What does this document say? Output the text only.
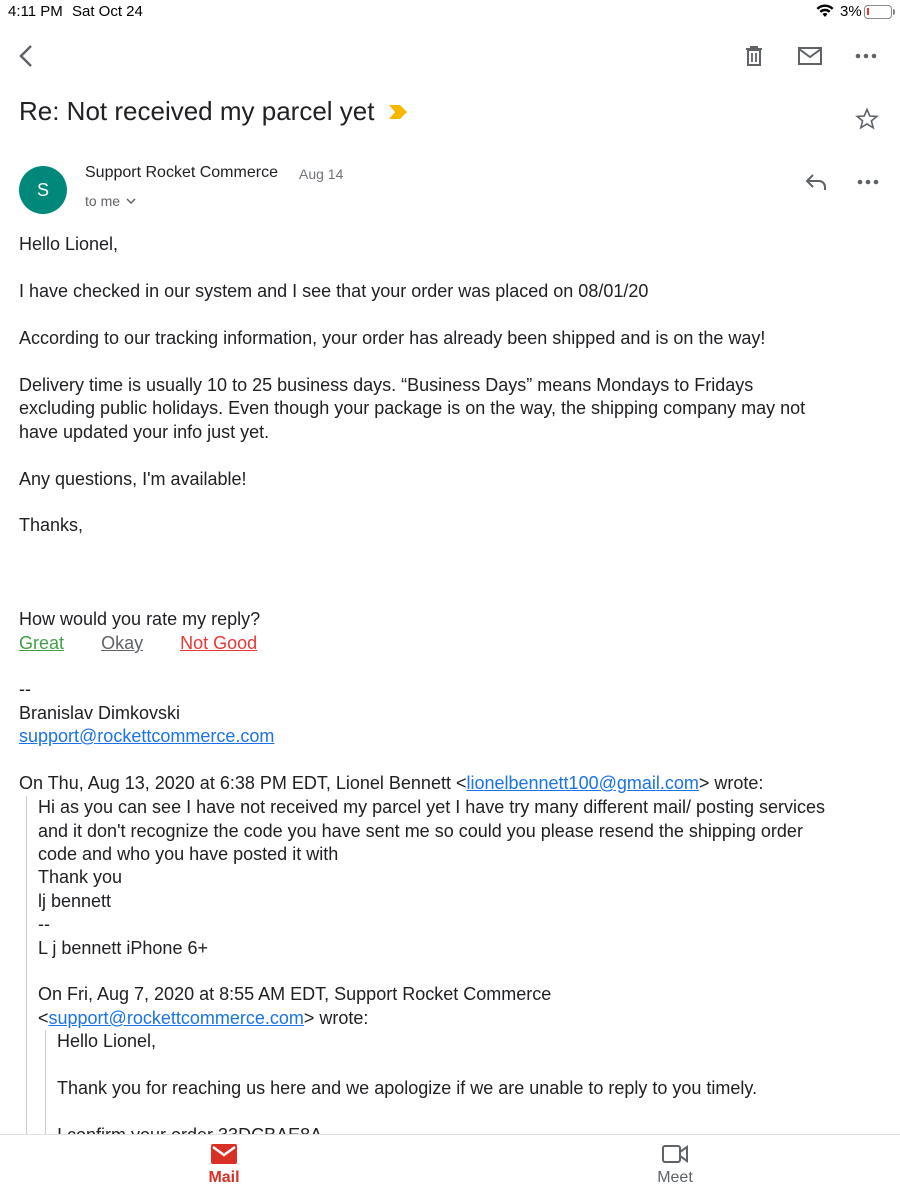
4:11 PM Sat Oct 24	3%
Re: Not received my parcel yet
S
Support Rocket Commerce Aug 14
to me
Hello Lionel,
I have checked in our system and I see that your order was placed on 08/01/20
According to our tracking information, your order has already been shipped and is on the way!
Delivery time is usually 10 to 25 business days. “Business Days” means Mondays to Fridays
excluding public holidays. Even though your package is on the way, the shipping company may not
have updated your info just yet.
Any questions, I'm available!
Thanks,
How would you rate my reply?
Great Okay Not Good
--
Branislav Dimkovski
support@rockettcommerce.com
On Thu, Aug 13, 2020 at 6:38 PM EDT, Lionel Bennett <lionelbennett100@gmail.com> wrote:
Hi as you can see I have not received my parcel yet I have try many different mail/ posting services
and it don't recognize the code you have sent me so could you please resend the shipping order
code and who you have posted it with
Thank you
lj bennett
--
L j bennett iPhone 6+
On Fri, Aug 7, 2020 at 8:55 AM EDT, Support Rocket Commerce
<support@rockettcommerce.com> wrote:
Hello Lionel,
Thank you for reaching us here and we apologize if we are unable to reply to you timely.
Mail	Meet
